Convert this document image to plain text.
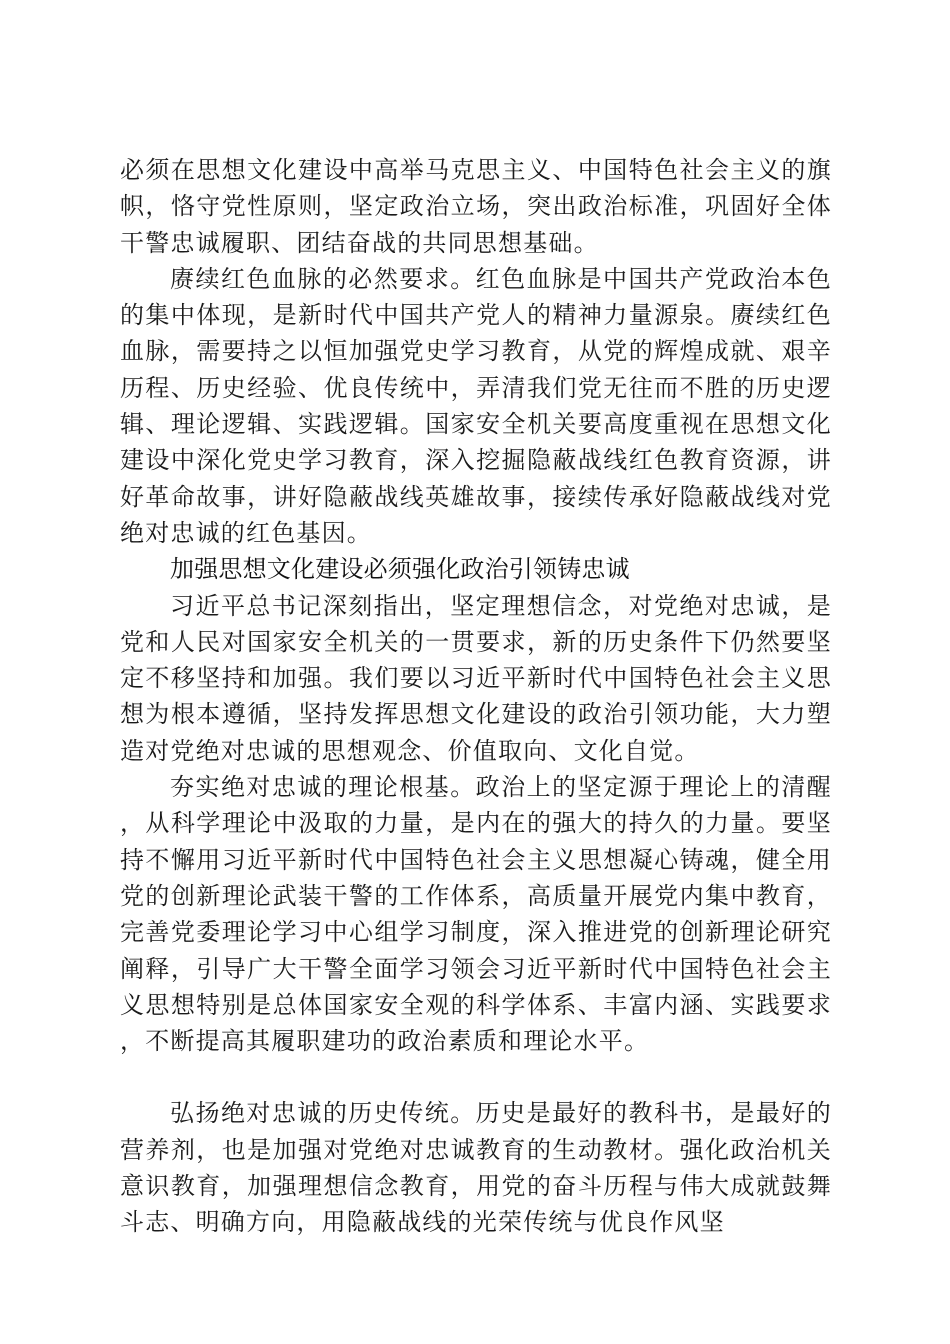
必须在思想文化建设中高举马克思主义、中国特色社会主义的旗帜，恪守党性原则，坚定政治立场，突出政治标准，巩固好全体干警忠诚履职、团结奋战的共同思想基础。

赓续红色血脉的必然要求。红色血脉是中国共产党政治本色的集中体现，是新时代中国共产党人的精神力量源泉。赓续红色血脉，需要持之以恒加强党史学习教育，从党的辉煌成就、艰辛历程、历史经验、优良传统中，弄清我们党无往而不胜的历史逻辑、理论逻辑、实践逻辑。国家安全机关要高度重视在思想文化建设中深化党史学习教育，深入挖掘隐蔽战线红色教育资源，讲好革命故事，讲好隐蔽战线英雄故事，接续传承好隐蔽战线对党绝对忠诚的红色基因。

加强思想文化建设必须强化政治引领铸忠诚

习近平总书记深刻指出，坚定理想信念，对党绝对忠诚，是党和人民对国家安全机关的一贯要求，新的历史条件下仍然要坚定不移坚持和加强。我们要以习近平新时代中国特色社会主义思想为根本遵循，坚持发挥思想文化建设的政治引领功能，大力塑造对党绝对忠诚的思想观念、价值取向、文化自觉。

夯实绝对忠诚的理论根基。政治上的坚定源于理论上的清醒，从科学理论中汲取的力量，是内在的强大的持久的力量。要坚持不懈用习近平新时代中国特色社会主义思想凝心铸魂，健全用党的创新理论武装干警的工作体系，高质量开展党内集中教育，完善党委理论学习中心组学习制度，深入推进党的创新理论研究阐释，引导广大干警全面学习领会习近平新时代中国特色社会主义思想特别是总体国家安全观的科学体系、丰富内涵、实践要求，不断提高其履职建功的政治素质和理论水平。

弘扬绝对忠诚的历史传统。历史是最好的教科书，是最好的营养剂，也是加强对党绝对忠诚教育的生动教材。强化政治机关意识教育，加强理想信念教育，用党的奋斗历程与伟大成就鼓舞斗志、明确方向，用隐蔽战线的光荣传统与优良作风坚
